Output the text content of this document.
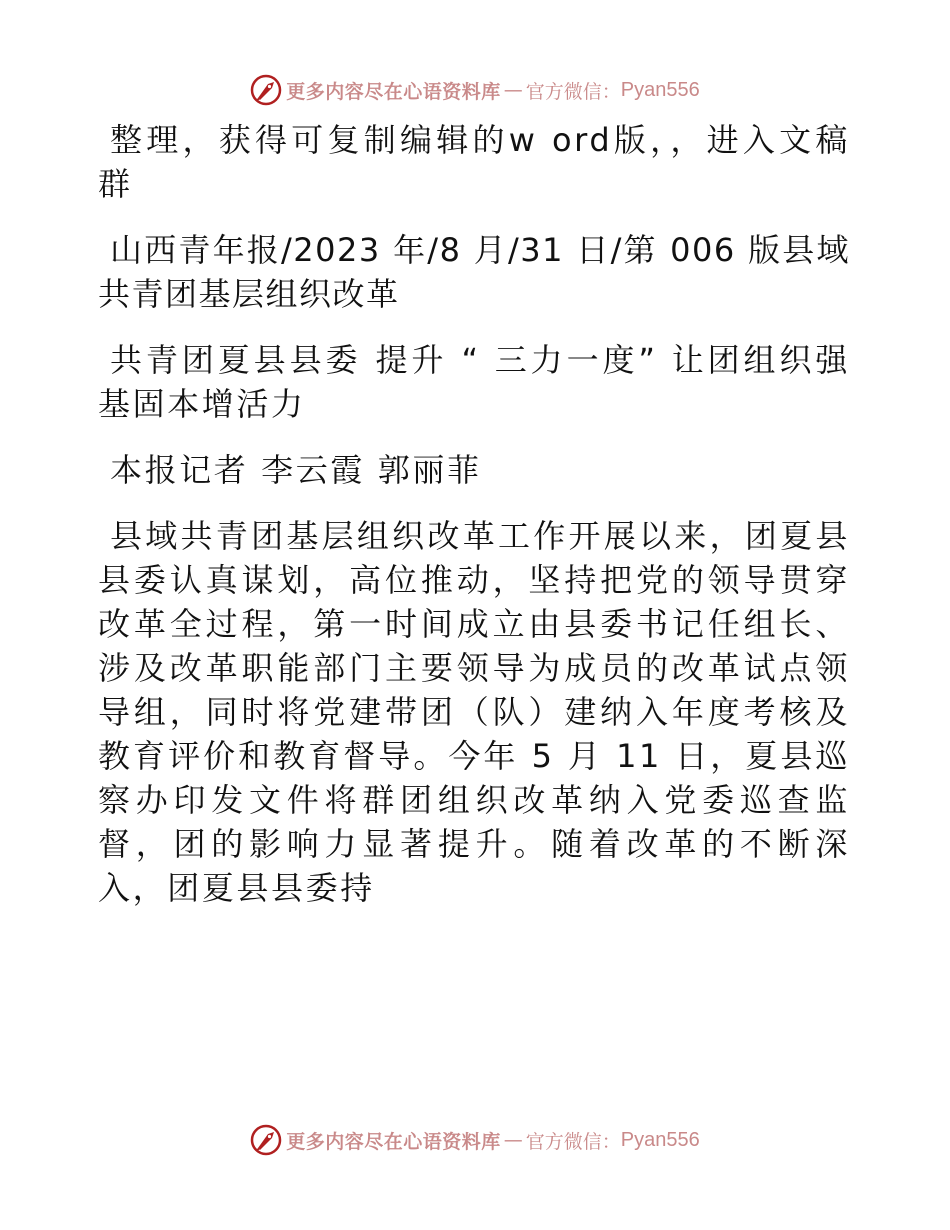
更多内容尽在心语资料库 — 官方微信： Pyan556

整理，获得可复制编辑的w ord版，，进入文稿群

山西青年报/2023 年/8 月/31 日/第 006 版县域共青团基层组织改革

共青团夏县县委 提升 “ 三力一度” 让团组织强基固本增活力

本报记者 李云霞 郭丽菲

县域共青团基层组织改革工作开展以来，团夏县县委认真谋划，高位推动，坚持把党的领导贯穿改革全过程，第一时间成立由县委书记任组长、涉及改革职能部门主要领导为成员的改革试点领导组，同时将党建带团（队）建纳入年度考核及教育评价和教育督导。今年 5 月 11 日，夏县巡察办印发文件将群团组织改革纳入党委巡查监督，团的影响力显著提升。随着改革的不断深入，团夏县县委持

更多内容尽在心语资料库 — 官方微信： Pyan556
